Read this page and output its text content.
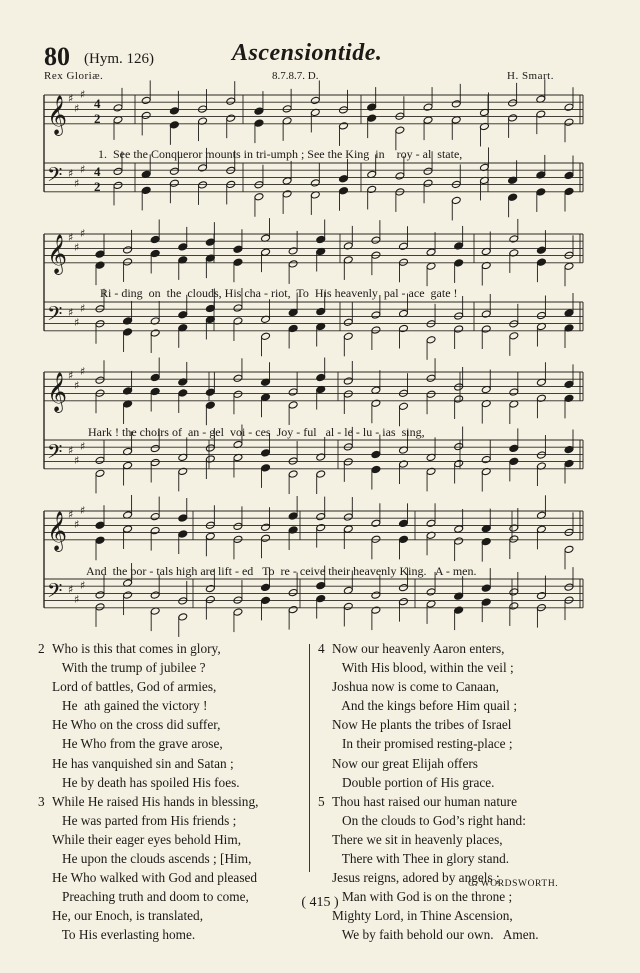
80 (Hym. 126)	Ascensiontide.
Rex Gloriæ.	8.7.8.7. D.	H. Smart.
𝄞 ♯
♯
♯
4
2
𝄢 ♯
♯
♯ 4
2
𝄞 ♯
♯
♯
𝄢 ♯
♯
♯
𝄞 ♯
♯
♯
𝄢 ♯
♯
♯
𝄞 ♯
♯
♯
𝄢 ♯
♯
♯
1.  See the Conqueror mounts in tri-umph ; See the King  in    roy - al  state,
Ri - ding  on  the  clouds, His cha - riot,  To  His heavenly  pal - ace  gate !
Hark ! the choirs of  an - gel  voi - ces  Joy - ful   al - le - lu - ias  sing,
And  the por - tals high are lift - ed   To  re - ceive their heavenly King.   A - men.
2 Who is this that comes in glory,
With the trump of jubilee ?
Lord of battles, God of armies,
He  ath gained the victory !
He Who on the cross did suffer,
He Who from the grave arose,
He has vanquished sin and Satan ;
He by death has spoiled His foes.
3 While He raised His hands in blessing,
He was parted from His friends ;
While their eager eyes behold Him,
He upon the clouds ascends ; [Him,
He Who walked with God and pleased
Preaching truth and doom to come,
He, our Enoch, is translated,
To His everlasting home.
4 Now our heavenly Aaron enters,
With His blood, within the veil ;
Joshua now is come to Canaan,
And the kings before Him quail ;
Now He plants the tribes of Israel
In their promised resting-place ;
Now our great Elijah offers
Double portion of His grace.
5 Thou hast raised our human nature
On the clouds to God’s right hand:
There we sit in heavenly places,
There with Thee in glory stand.
Jesus reigns, adored by angels ;
Man with God is on the throne ;
Mighty Lord, in Thine Ascension,
We by faith behold our own.   Amen.
C. WORDSWORTH.
( 415 )
